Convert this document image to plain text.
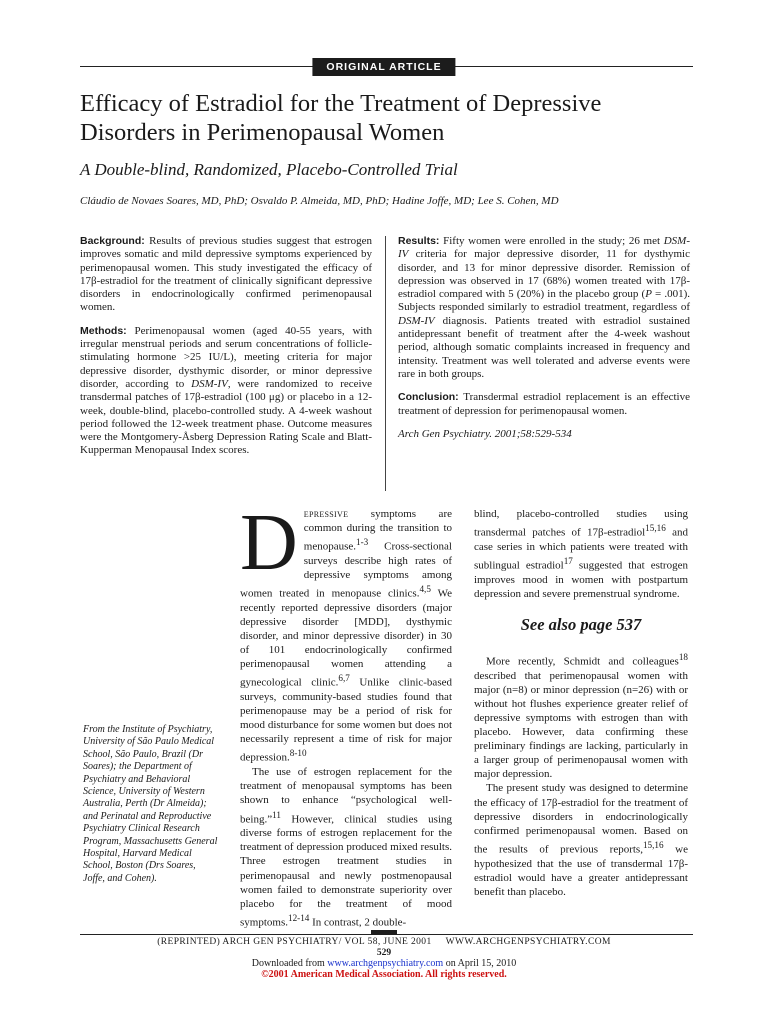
ORIGINAL ARTICLE
Efficacy of Estradiol for the Treatment of Depressive Disorders in Perimenopausal Women
A Double-blind, Randomized, Placebo-Controlled Trial
Cláudio de Novaes Soares, MD, PhD; Osvaldo P. Almeida, MD, PhD; Hadine Joffe, MD; Lee S. Cohen, MD

Background: Results of previous studies suggest that estrogen improves somatic and mild depressive symptoms experienced by perimenopausal women. This study investigated the efficacy of 17β-estradiol for the treatment of clinically significant depressive disorders in endocrinologically confirmed perimenopausal women.

Methods: Perimenopausal women (aged 40-55 years, with irregular menstrual periods and serum concentrations of follicle-stimulating hormone >25 IU/L), meeting criteria for major depressive disorder, dysthymic disorder, or minor depressive disorder, according to DSM-IV, were randomized to receive transdermal patches of 17β-estradiol (100 μg) or placebo in a 12-week, double-blind, placebo-controlled study. A 4-week washout period followed the 12-week treatment phase. Outcome measures were the Montgomery-Åsberg Depression Rating Scale and Blatt-Kupperman Menopausal Index scores.

Results: Fifty women were enrolled in the study; 26 met DSM-IV criteria for major depressive disorder, 11 for dysthymic disorder, and 13 for minor depressive disorder. Remission of depression was observed in 17 (68%) women treated with 17β-estradiol compared with 5 (20%) in the placebo group (P = .001). Subjects responded similarly to estradiol treatment, regardless of DSM-IV diagnosis. Patients treated with estradiol sustained antidepressant benefit of treatment after the 4-week washout period, although somatic complaints increased in frequency and intensity. Treatment was well tolerated and adverse events were rare in both groups.

Conclusion: Transdermal estradiol replacement is an effective treatment of depression for perimenopausal women.

Arch Gen Psychiatry. 2001;58:529-534
From the Institute of Psychiatry, University of São Paulo Medical School, São Paulo, Brazil (Dr Soares); the Department of Psychiatry and Behavioral Science, University of Western Australia, Perth (Dr Almeida); and Perinatal and Reproductive Psychiatry Clinical Research Program, Massachusetts General Hospital, Harvard Medical School, Boston (Drs Soares, Joffe, and Cohen).

Depressive symptoms are common during the transition to menopause.$^{1-3}$ Cross-sectional surveys describe high rates of depressive symptoms among women treated in menopause clinics.$^{4,5}$ We recently reported depressive disorders (major depressive disorder [MDD], dysthymic disorder, and minor depressive disorder) in 30 of 101 endocrinologically confirmed perimenopausal women attending a gynecological clinic.$^{6,7}$ Unlike clinic-based surveys, community-based studies found that perimenopause may be a period of risk for mood disturbance for some women but does not necessarily represent a time of risk for major depression.$^{8-10}$

The use of estrogen replacement for the treatment of menopausal symptoms has been shown to enhance “psychological well-being.”$^{11}$ However, clinical studies using diverse forms of estrogen replacement for the treatment of depression produced mixed results. Three estrogen treatment studies in perimenopausal and newly postmenopausal women failed to demonstrate superiority over placebo for the treatment of mood symptoms.$^{12-14}$ In contrast, 2 double-

blind, placebo-controlled studies using transdermal patches of 17β-estradiol$^{15,16}$ and case series in which patients were treated with sublingual estradiol$^{17}$ suggested that estrogen improves mood in women with postpartum depression and severe premenstrual syndrome.

See also page 537

More recently, Schmidt and colleagues$^{18}$ described that perimenopausal women with major (n=8) or minor depression (n=26) with or without hot flushes experience greater relief of depressive symptoms with estrogen than with placebo. However, data confirming these preliminary findings are lacking, particularly in a larger group of perimenopausal women with major depression.

The present study was designed to determine the efficacy of 17β-estradiol for the treatment of depressive disorders in endocrinologically confirmed perimenopausal women. Based on the results of previous reports,$^{15,16}$ we hypothesized that the use of transdermal 17β-estradiol would have a greater antidepressant benefit than placebo.

(REPRINTED) ARCH GEN PSYCHIATRY/ VOL 58, JUNE 2001 WWW.ARCHGENPSYCHIATRY.COM
529
Downloaded from www.archgenpsychiatry.com on April 15, 2010
©2001 American Medical Association. All rights reserved.
